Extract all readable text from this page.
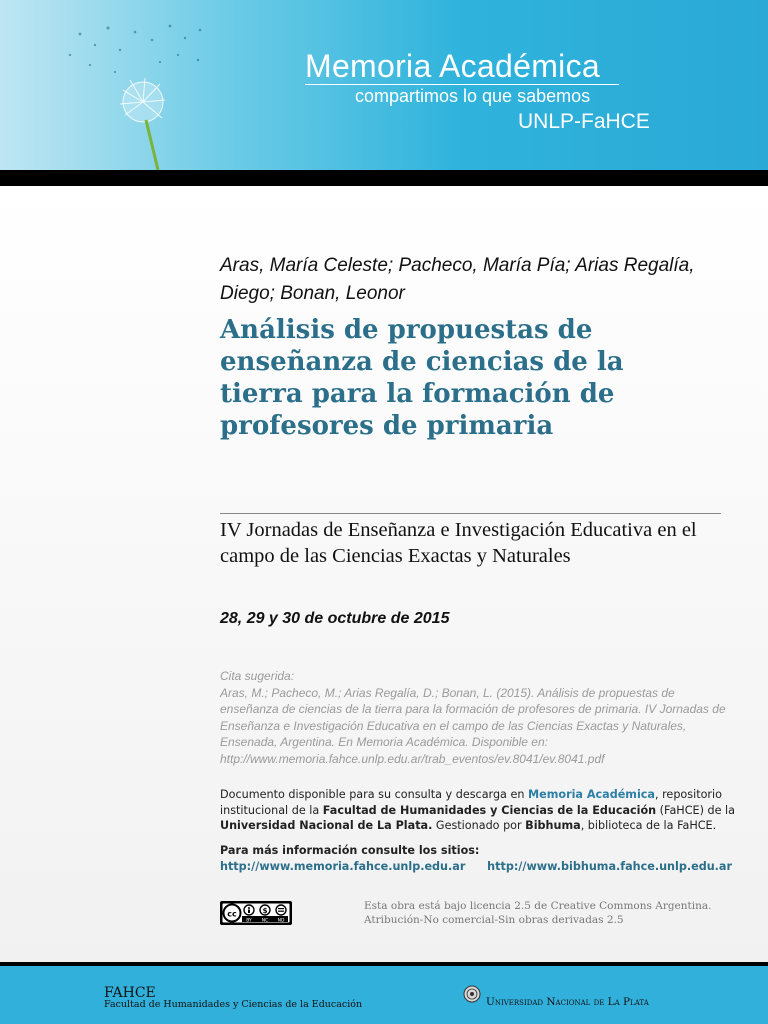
Memoria Académica
compartimos lo que sabemos
UNLP-FaHCE
Aras, María Celeste; Pacheco, María Pía; Arias Regalía, Diego; Bonan, Leonor
Análisis de propuestas de enseñanza de ciencias de la tierra para la formación de profesores de primaria
IV Jornadas de Enseñanza e Investigación Educativa en el campo de las Ciencias Exactas y Naturales
28, 29 y 30 de octubre de 2015
Cita sugerida:
Aras, M.; Pacheco, M.; Arias Regalía, D.; Bonan, L. (2015). Análisis de propuestas de enseñanza de ciencias de la tierra para la formación de profesores de primaria. IV Jornadas de Enseñanza e Investigación Educativa en el campo de las Ciencias Exactas y Naturales, Ensenada, Argentina. En Memoria Académica. Disponible en:
http://www.memoria.fahce.unlp.edu.ar/trab_eventos/ev.8041/ev.8041.pdf
Documento disponible para su consulta y descarga en Memoria Académica, repositorio institucional de la Facultad de Humanidades y Ciencias de la Educación (FaHCE) de la Universidad Nacional de La Plata. Gestionado por Bibhuma, biblioteca de la FaHCE.
Para más información consulte los sitios:
http://www.memoria.fahce.unlp.edu.ar http://www.bibhuma.fahce.unlp.edu.ar
cc	$
BY NC ND
Esta obra está bajo licencia 2.5 de Creative Commons Argentina.
Atribución-No comercial-Sin obras derivadas 2.5
FAHCE
Facultad de Humanidades y Ciencias de la Educación	Universidad Nacional de La Plata
